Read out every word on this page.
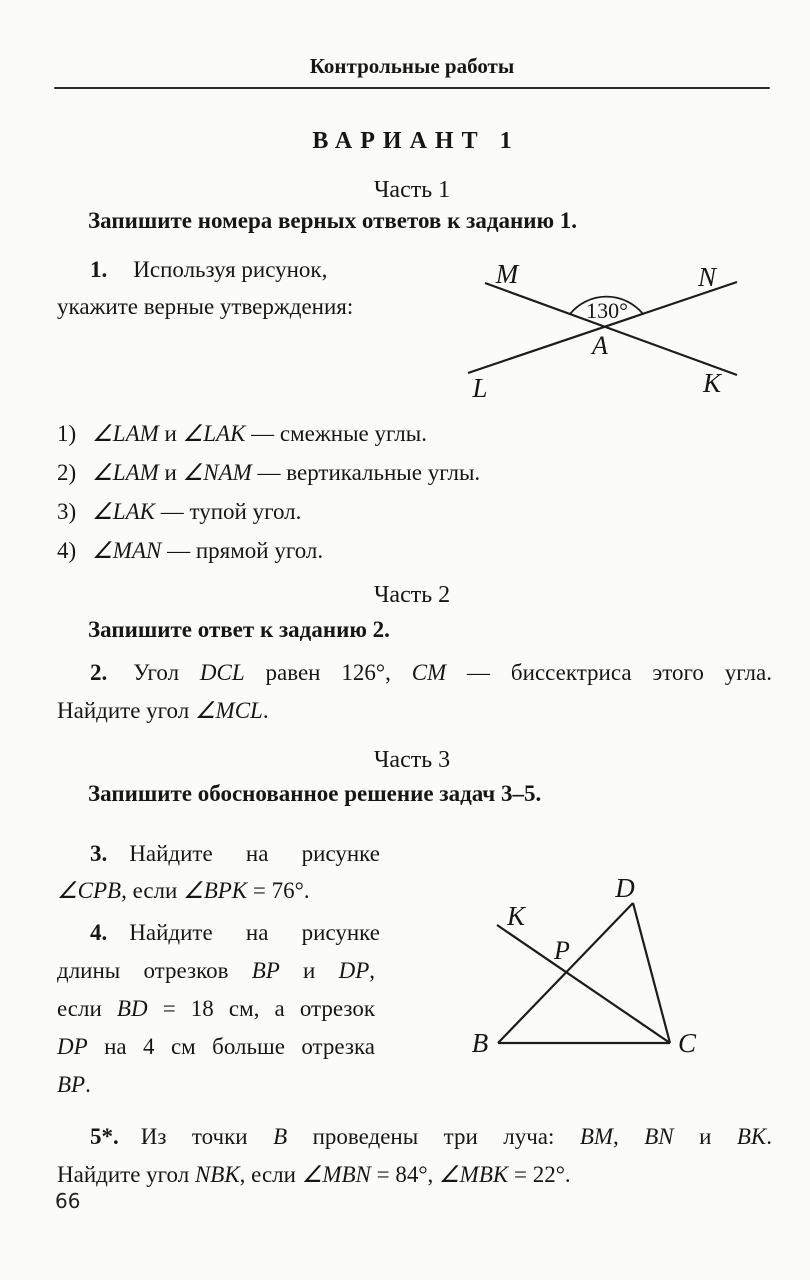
Контрольные работы
ВАРИАНТ 1
Часть 1
Запишите номера верных ответов к заданию 1.
1. Используя рисунок,
укажите верные утверждения:
M	N
L	K
A
130°
1) ∠LAM и ∠LAK — смежные углы.
2) ∠LAM и ∠NAM — вертикальные углы.
3) ∠LAK — тупой угол.
4) ∠MAN — прямой угол.
Часть 2
Запишите ответ к заданию 2.
2. Угол DCL равен 126°, CM — биссектриса этого угла.
Найдите угол ∠MCL.
Часть 3
Запишите обоснованное решение задач 3–5.
3. Найдите на рисунке
∠CPB, если ∠BPK = 76°.
4. Найдите на рисунке
длины отрезков BP и DP,
если BD = 18 см, а отрезок
DP на 4 см больше отрезка
BP.
D
K
P
B	C
5*. Из точки B проведены три луча: BM, BN и BK.
Найдите угол NBK, если ∠MBN = 84°, ∠MBK = 22°.
66
